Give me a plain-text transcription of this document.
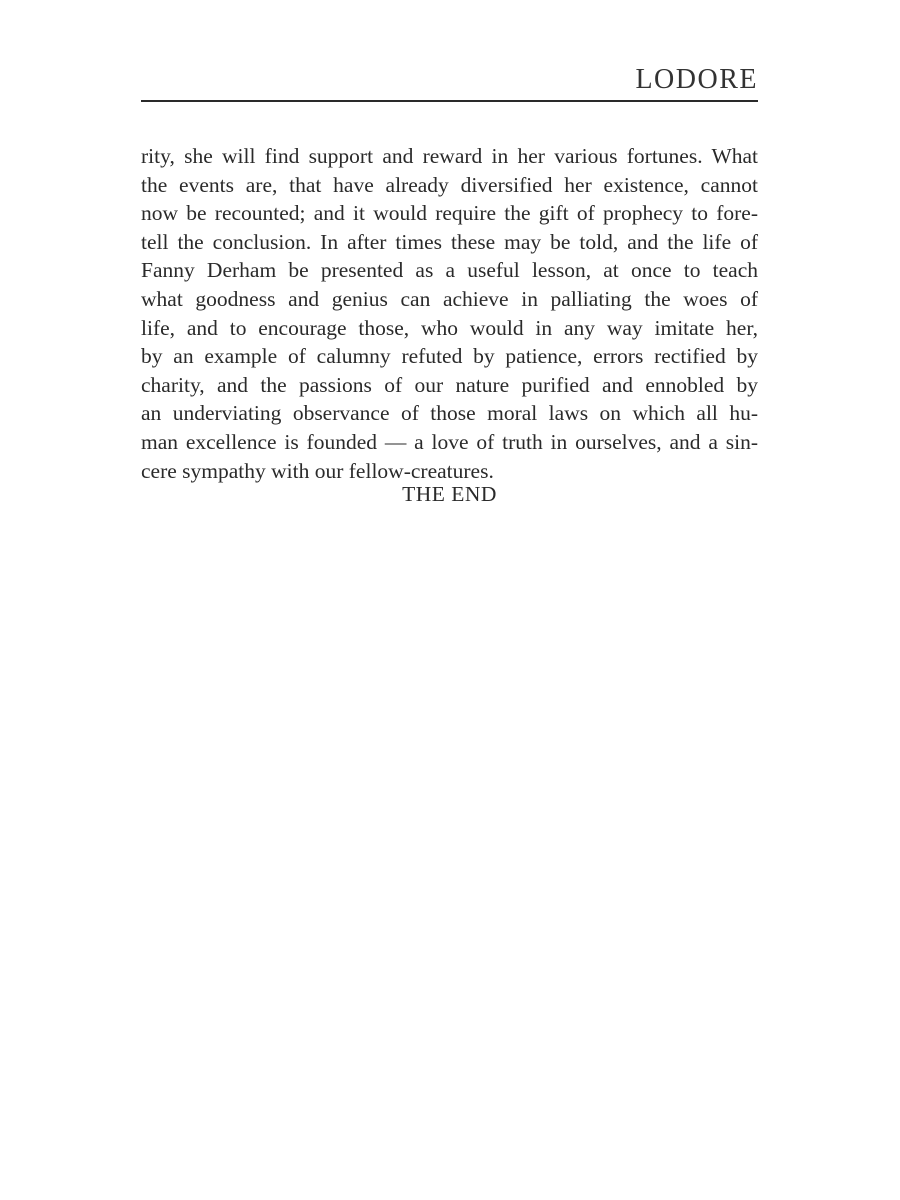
LODORE
rity, she will find support and reward in her various fortunes. What
the events are, that have already diversified her existence, cannot
now be recounted; and it would require the gift of prophecy to fore-
tell the conclusion. In after times these may be told, and the life of
Fanny Derham be presented as a useful lesson, at once to teach
what goodness and genius can achieve in palliating the woes of
life, and to encourage those, who would in any way imitate her,
by an example of calumny refuted by patience, errors rectified by
charity, and the passions of our nature purified and ennobled by
an underviating observance of those moral laws on which all hu-
man excellence is founded — a love of truth in ourselves, and a sin-
cere sympathy with our fellow-creatures.
THE END
